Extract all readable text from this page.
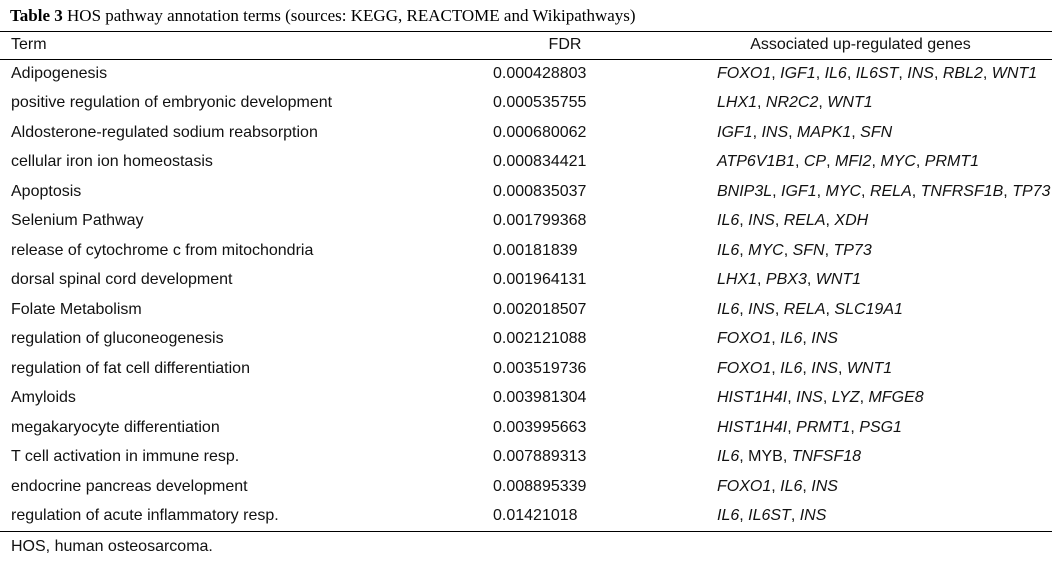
Table 3 HOS pathway annotation terms (sources: KEGG, REACTOME and Wikipathways)
Term	FDR	Associated up-regulated genes
Adipogenesis	0.000428803	FOXO1, IGF1, IL6, IL6ST, INS, RBL2, WNT1
positive regulation of embryonic development	0.000535755	LHX1, NR2C2, WNT1
Aldosterone-regulated sodium reabsorption	0.000680062	IGF1, INS, MAPK1, SFN
cellular iron ion homeostasis	0.000834421	ATP6V1B1, CP, MFI2, MYC, PRMT1
Apoptosis	0.000835037	BNIP3L, IGF1, MYC, RELA, TNFRSF1B, TP73
Selenium Pathway	0.001799368	IL6, INS, RELA, XDH
release of cytochrome c from mitochondria	0.00181839	IL6, MYC, SFN, TP73
dorsal spinal cord development	0.001964131	LHX1, PBX3, WNT1
Folate Metabolism	0.002018507	IL6, INS, RELA, SLC19A1
regulation of gluconeogenesis	0.002121088	FOXO1, IL6, INS
regulation of fat cell differentiation	0.003519736	FOXO1, IL6, INS, WNT1
Amyloids	0.003981304	HIST1H4I, INS, LYZ, MFGE8
megakaryocyte differentiation	0.003995663	HIST1H4I, PRMT1, PSG1
T cell activation in immune resp.	0.007889313	IL6, MYB, TNFSF18
endocrine pancreas development	0.008895339	FOXO1, IL6, INS
regulation of acute inflammatory resp.	0.01421018	IL6, IL6ST, INS
HOS, human osteosarcoma.
